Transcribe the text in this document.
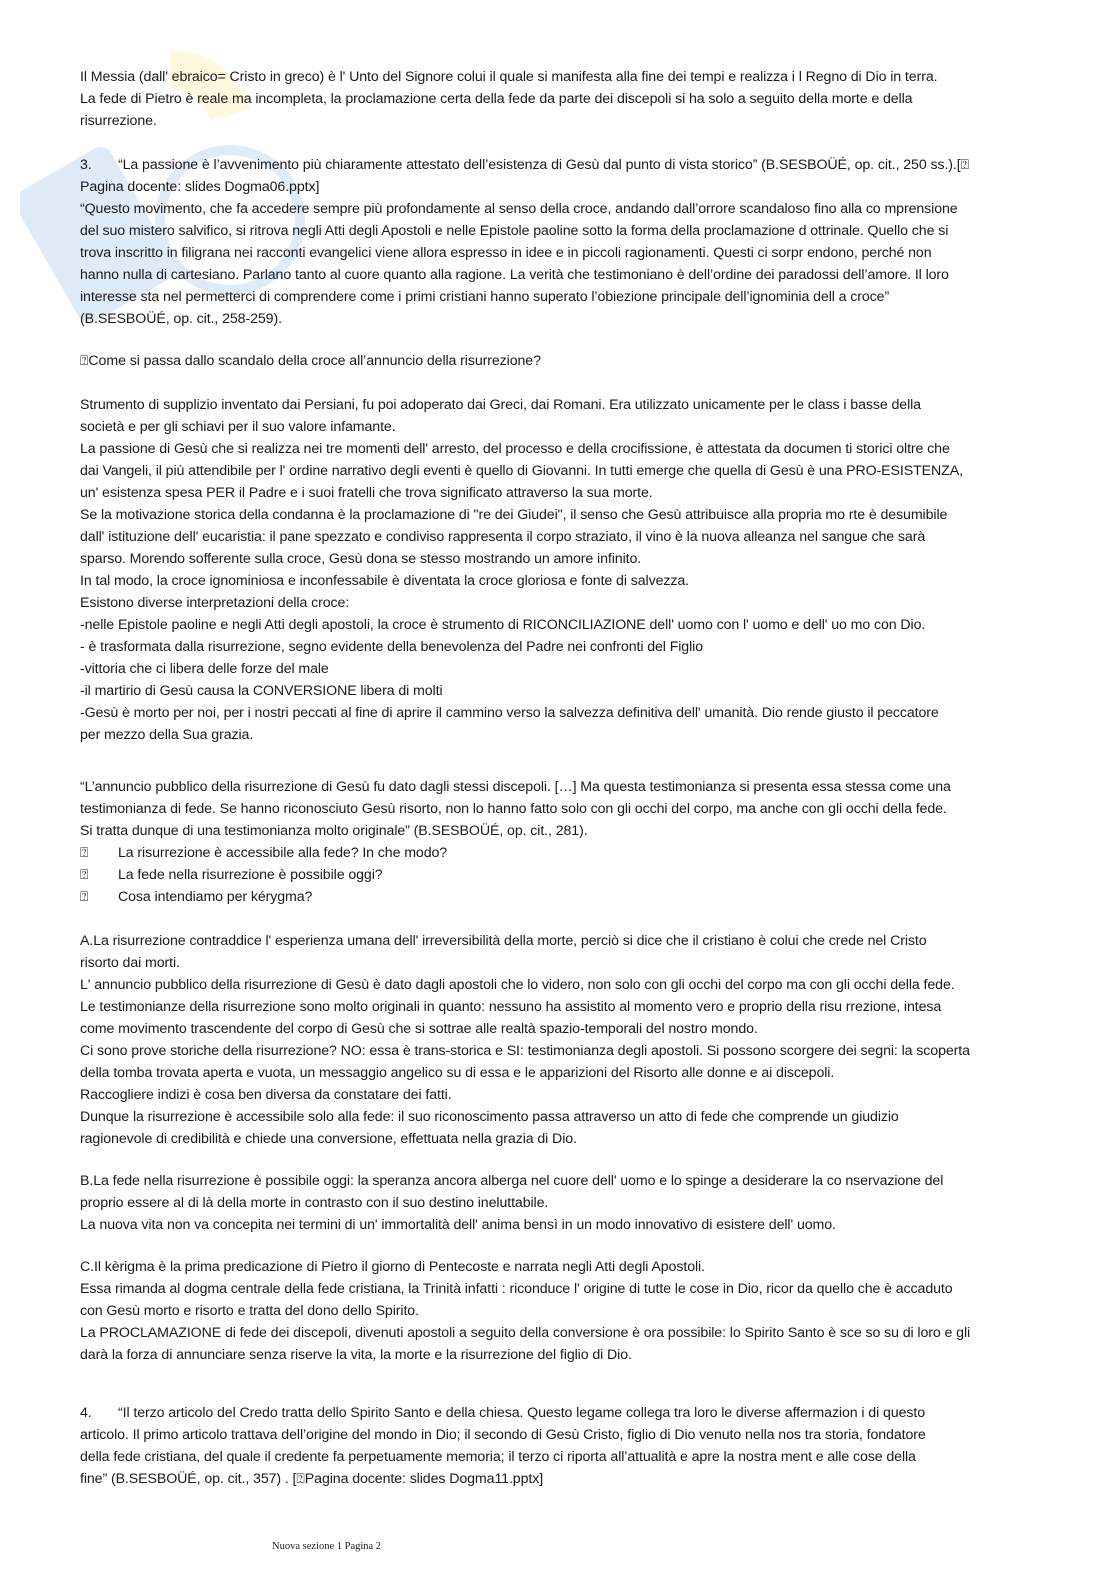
Il Messia (dall' ebraico= Cristo in greco) è l' Unto del Signore colui il quale si manifesta alla fine dei tempi e realizza i l Regno di Dio in terra.
La fede di Pietro è reale ma incompleta, la proclamazione certa della fede da parte dei discepoli si ha solo a seguito della morte e della
risurrezione.
3. “La passione è l’avvenimento più chiaramente attestato dell’esistenza di Gesù dal punto di vista storico” (B.SESBOÜÉ, op. cit., 250 ss.).[⍰
Pagina docente: slides Dogma06.pptx]
“Questo movimento, che fa accedere sempre più profondamente al senso della croce, andando dall’orrore scandaloso fino alla co mprensione
del suo mistero salvifico, si ritrova negli Atti degli Apostoli e nelle Epistole paoline sotto la forma della proclamazione d ottrinale. Quello che si
trova inscritto in filigrana nei racconti evangelici viene allora espresso in idee e in piccoli ragionamenti. Questi ci sorpr endono, perché non
hanno nulla di cartesiano. Parlano tanto al cuore quanto alla ragione. La verità che testimoniano è dell’ordine dei paradossi dell’amore. Il loro
interesse sta nel permetterci di comprendere come i primi cristiani hanno superato l’obiezione principale dell’ignominia dell a croce”
(B.SESBOÜÉ, op. cit., 258-259).
⍰Come si passa dallo scandalo della croce all’annuncio della risurrezione?
Strumento di supplizio inventato dai Persiani, fu poi adoperato dai Greci, dai Romani. Era utilizzato unicamente per le class i basse della
società e per gli schiavi per il suo valore infamante.
La passione di Gesù che si realizza nei tre momenti dell' arresto, del processo e della crocifissione, è attestata da documen ti storici oltre che
dai Vangeli, il più attendibile per l' ordine narrativo degli eventi è quello di Giovanni. In tutti emerge che quella di Gesù è una PRO-ESISTENZA,
un' esistenza spesa PER il Padre e i suoi fratelli che trova significato attraverso la sua morte.
Se la motivazione storica della condanna è la proclamazione di "re dei Giudei", il senso che Gesù attribuisce alla propria mo rte è desumibile
dall' istituzione dell' eucaristia: il pane spezzato e condiviso rappresenta il corpo straziato, il vino è la nuova alleanza nel sangue che sarà
sparso. Morendo sofferente sulla croce, Gesù dona se stesso mostrando un amore infinito.
In tal modo, la croce ignominiosa e inconfessabile è diventata la croce gloriosa e fonte di salvezza.
Esistono diverse interpretazioni della croce:
-nelle Epistole paoline e negli Atti degli apostoli, la croce è strumento di RICONCILIAZIONE dell' uomo con l' uomo e dell' uo mo con Dio.
- è trasformata dalla risurrezione, segno evidente della benevolenza del Padre nei confronti del Figlio
-vittoria che ci libera delle forze del male
-il martirio di Gesù causa la CONVERSIONE libera di molti
-Gesù è morto per noi, per i nostri peccati al fine di aprire il cammino verso la salvezza definitiva dell' umanità. Dio rende giusto il peccatore
per mezzo della Sua grazia.
“L’annuncio pubblico della risurrezione di Gesù fu dato dagli stessi discepoli. […] Ma questa testimonianza si presenta essa stessa come una
testimonianza di fede. Se hanno riconosciuto Gesù risorto, non lo hanno fatto solo con gli occhi del corpo, ma anche con gli occhi della fede.
Si tratta dunque di una testimonianza molto originale” (B.SESBOÜÉ, op. cit., 281).
⍰ La risurrezione è accessibile alla fede? In che modo?
⍰ La fede nella risurrezione è possibile oggi?
⍰ Cosa intendiamo per kérygma?
A.La risurrezione contraddice l' esperienza umana dell' irreversibilità della morte, perciò si dice che il cristiano è colui che crede nel Cristo
risorto dai morti.
L' annuncio pubblico della risurrezione di Gesù è dato dagli apostoli che lo videro, non solo con gli occhi del corpo ma con gli occhi della fede.
Le testimonianze della risurrezione sono molto originali in quanto: nessuno ha assistito al momento vero e proprio della risu rrezione, intesa
come movimento trascendente del corpo di Gesù che si sottrae alle realtà spazio-temporali del nostro mondo.
Ci sono prove storiche della risurrezione? NO: essa è trans-storica e SI: testimonianza degli apostoli. Si possono scorgere dei segni: la scoperta
della tomba trovata aperta e vuota, un messaggio angelico su di essa e le apparizioni del Risorto alle donne e ai discepoli.
Raccogliere indizi è cosa ben diversa da constatare dei fatti.
Dunque la risurrezione è accessibile solo alla fede: il suo riconoscimento passa attraverso un atto di fede che comprende un giudizio
ragionevole di credibilità e chiede una conversione, effettuata nella grazia di Dio.
B.La fede nella risurrezione è possibile oggi: la speranza ancora alberga nel cuore dell' uomo e lo spinge a desiderare la co nservazione del
proprio essere al di là della morte in contrasto con il suo destino ineluttabile.
La nuova vita non va concepita nei termini di un' immortalità dell' anima bensì in un modo innovativo di esistere dell' uomo.
C.Il kèrigma è la prima predicazione di Pietro il giorno di Pentecoste e narrata negli Atti degli Apostoli.
Essa rimanda al dogma centrale della fede cristiana, la Trinità infatti : riconduce l' origine di tutte le cose in Dio, ricor da quello che è accaduto
con Gesù morto e risorto e tratta del dono dello Spirito.
La PROCLAMAZIONE di fede dei discepoli, divenuti apostoli a seguito della conversione è ora possibile: lo Spirito Santo è sce so su di loro e gli
darà la forza di annunciare senza riserve la vita, la morte e la risurrezione del figlio di Dio.
4. “Il terzo articolo del Credo tratta dello Spirito Santo e della chiesa. Questo legame collega tra loro le diverse affermazion i di questo
articolo. Il primo articolo trattava dell’origine del mondo in Dio; il secondo di Gesù Cristo, figlio di Dio venuto nella nos tra storia, fondatore
della fede cristiana, del quale il credente fa perpetuamente memoria; il terzo ci riporta all’attualità e apre la nostra ment e alle cose della
fine” (B.SESBOÜÉ, op. cit., 357) . [⍰Pagina docente: slides Dogma11.pptx]
Nuova sezione 1 Pagina 2
